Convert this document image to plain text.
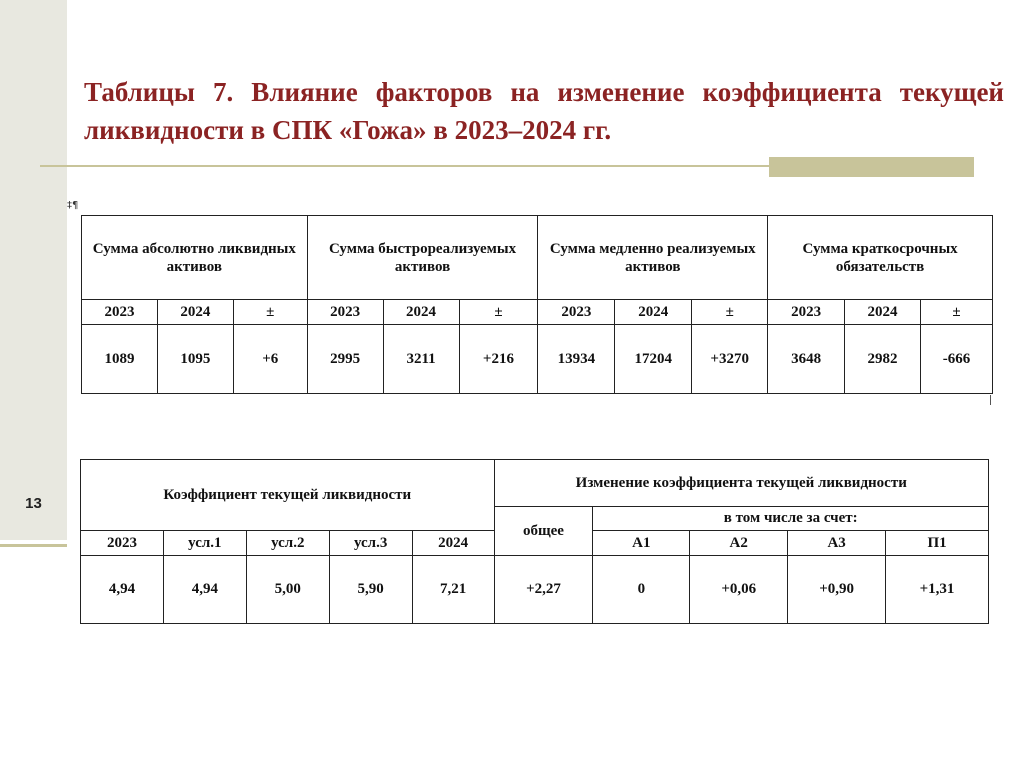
13
Таблицы 7. Влияние факторов на изменение коэффициента текущей ликвидности в СПК «Гожа» в 2023–2024 гг.
‡¶
Сумма абсолютно ликвидных активов			Сумма быстрореализуемых активов			Сумма медленно реализуемых активов			Сумма краткосрочных обязательств		
2023	2024	±	2023	2024	±	2023	2024	±	2023	2024	±
1089	1095	+6	2995	3211	+216	13934	17204	+3270	3648	2982	-666
Коэффициент текущей ликвидности					Изменение коэффициента текущей ликвидности				
					общее	в том числе за счет:			
2023	усл.1	усл.2	усл.3	2024		А1	А2	А3	П1
4,94	4,94	5,00	5,90	7,21	+2,27	0	+0,06	+0,90	+1,31
